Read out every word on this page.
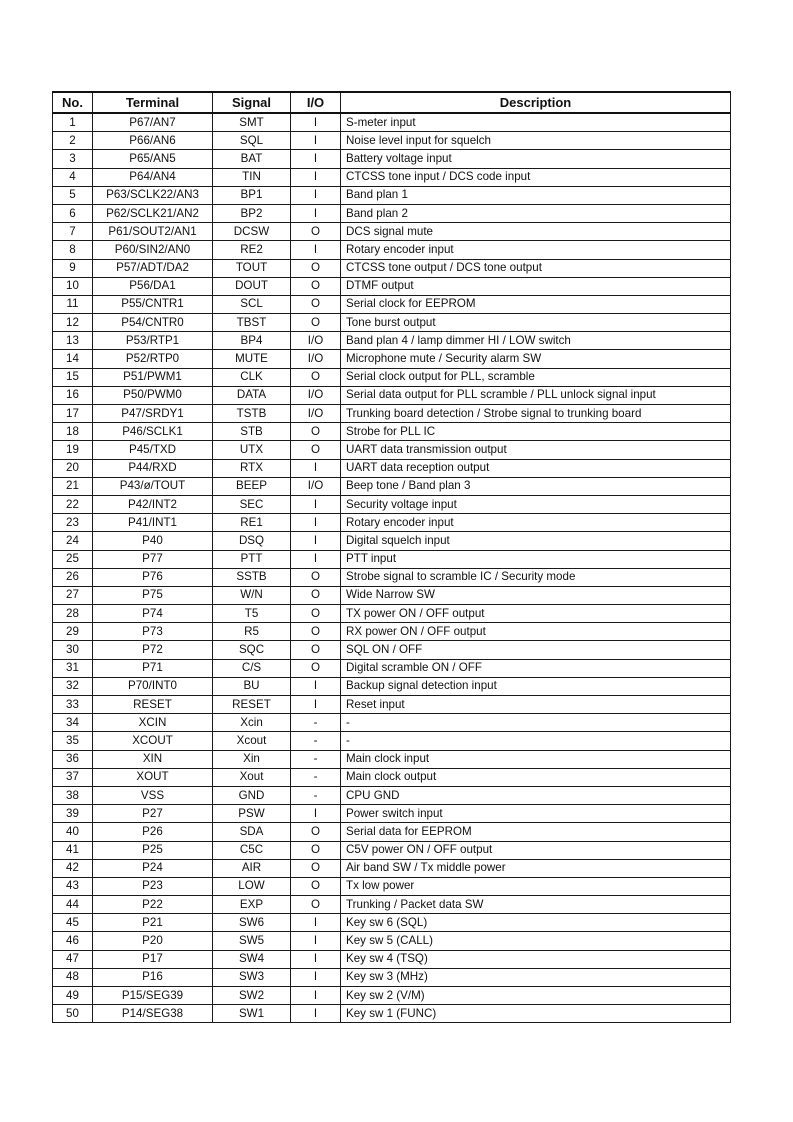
No.	Terminal	Signal	I/O	Description
1	P67/AN7	SMT	I	S-meter input
2	P66/AN6	SQL	I	Noise level input for squelch
3	P65/AN5	BAT	I	Battery voltage input
4	P64/AN4	TIN	I	CTCSS tone input / DCS code input
5	P63/SCLK22/AN3	BP1	I	Band plan 1
6	P62/SCLK21/AN2	BP2	I	Band plan 2
7	P61/SOUT2/AN1	DCSW	O	DCS signal mute
8	P60/SIN2/AN0	RE2	I	Rotary encoder input
9	P57/ADT/DA2	TOUT	O	CTCSS tone output / DCS tone output
10	P56/DA1	DOUT	O	DTMF output
11	P55/CNTR1	SCL	O	Serial clock for EEPROM
12	P54/CNTR0	TBST	O	Tone burst output
13	P53/RTP1	BP4	I/O	Band plan 4 / lamp dimmer HI / LOW switch
14	P52/RTP0	MUTE	I/O	Microphone mute / Security alarm SW
15	P51/PWM1	CLK	O	Serial clock output for PLL, scramble
16	P50/PWM0	DATA	I/O	Serial data output for PLL scramble / PLL unlock signal input
17	P47/SRDY1	TSTB	I/O	Trunking board detection / Strobe signal to trunking board
18	P46/SCLK1	STB	O	Strobe for PLL IC
19	P45/TXD	UTX	O	UART data transmission output
20	P44/RXD	RTX	I	UART data reception output
21	P43/ø/TOUT	BEEP	I/O	Beep tone / Band plan 3
22	P42/INT2	SEC	I	Security voltage input
23	P41/INT1	RE1	I	Rotary encoder input
24	P40	DSQ	I	Digital squelch input
25	P77	PTT	I	PTT input
26	P76	SSTB	O	Strobe signal to scramble IC / Security mode
27	P75	W/N	O	Wide Narrow SW
28	P74	T5	O	TX power ON / OFF output
29	P73	R5	O	RX power ON / OFF output
30	P72	SQC	O	SQL ON / OFF
31	P71	C/S	O	Digital scramble ON / OFF
32	P70/INT0	BU	I	Backup signal detection input
33	RESET	RESET	I	Reset input
34	XCIN	Xcin	-	-
35	XCOUT	Xcout	-	-
36	XIN	Xin	-	Main clock input
37	XOUT	Xout	-	Main clock output
38	VSS	GND	-	CPU GND
39	P27	PSW	I	Power switch input
40	P26	SDA	O	Serial data for EEPROM
41	P25	C5C	O	C5V power ON / OFF output
42	P24	AIR	O	Air band SW / Tx middle power
43	P23	LOW	O	Tx low power
44	P22	EXP	O	Trunking / Packet data SW
45	P21	SW6	I	Key sw 6 (SQL)
46	P20	SW5	I	Key sw 5 (CALL)
47	P17	SW4	I	Key sw 4 (TSQ)
48	P16	SW3	I	Key sw 3 (MHz)
49	P15/SEG39	SW2	I	Key sw 2 (V/M)
50	P14/SEG38	SW1	I	Key sw 1 (FUNC)
